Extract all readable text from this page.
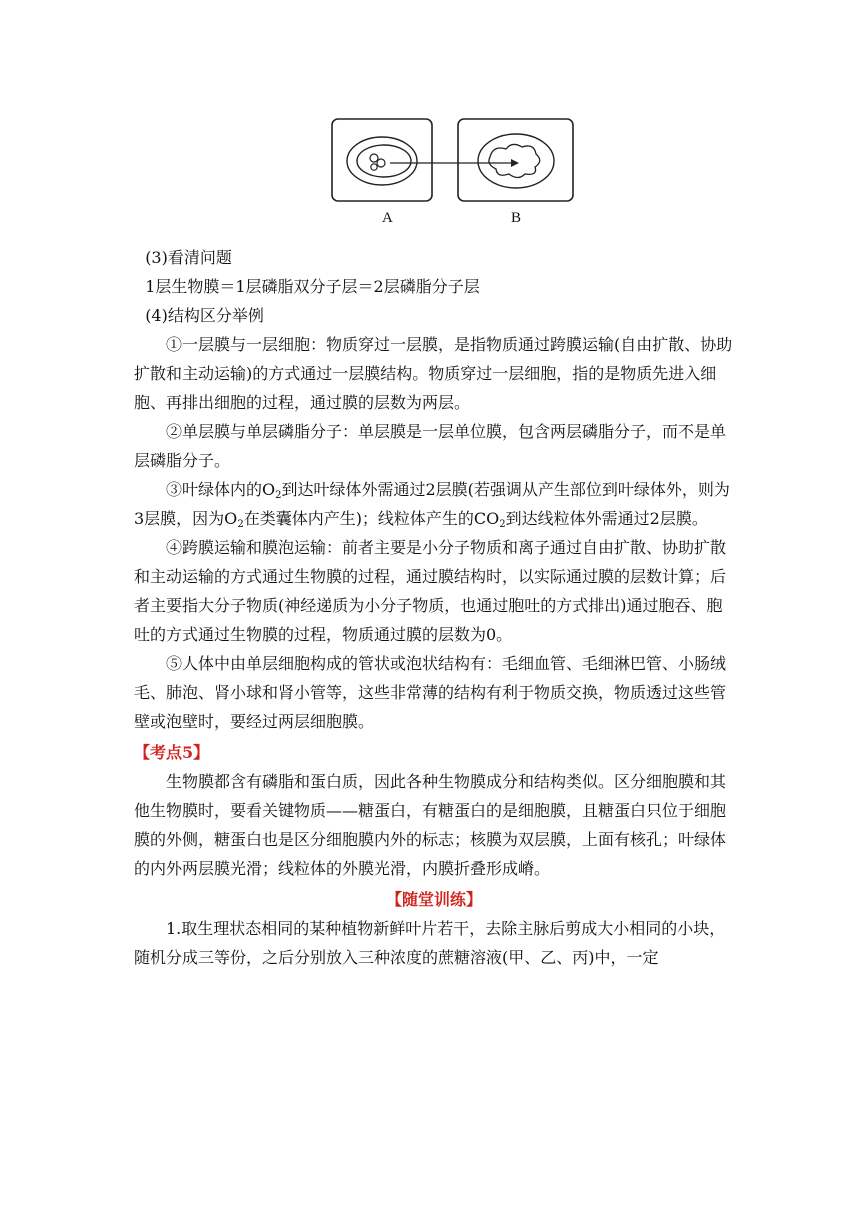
A	B

(3)看清问题

1层生物膜＝1层磷脂双分子层＝2层磷脂分子层

(4)结构区分举例

①一层膜与一层细胞：物质穿过一层膜，是指物质通过跨膜运输(自由扩散、协助扩散和主动运输)的方式通过一层膜结构。物质穿过一层细胞，指的是物质先进入细胞、再排出细胞的过程，通过膜的层数为两层。

②单层膜与单层磷脂分子：单层膜是一层单位膜，包含两层磷脂分子，而不是单层磷脂分子。

③叶绿体内的$O_2$到达叶绿体外需通过2层膜(若强调从产生部位到叶绿体外，则为3层膜，因为$O_2$在类囊体内产生)；线粒体产生的$CO_2$到达线粒体外需通过2层膜。

④跨膜运输和膜泡运输：前者主要是小分子物质和离子通过自由扩散、协助扩散和主动运输的方式通过生物膜的过程，通过膜结构时，以实际通过膜的层数计算；后者主要指大分子物质(神经递质为小分子物质，也通过胞吐的方式排出)通过胞吞、胞吐的方式通过生物膜的过程，物质通过膜的层数为0。

⑤人体中由单层细胞构成的管状或泡状结构有：毛细血管、毛细淋巴管、小肠绒毛、肺泡、肾小球和肾小管等，这些非常薄的结构有利于物质交换，物质透过这些管壁或泡壁时，要经过两层细胞膜。

【考点5】

生物膜都含有磷脂和蛋白质，因此各种生物膜成分和结构类似。区分细胞膜和其他生物膜时，要看关键物质——糖蛋白，有糖蛋白的是细胞膜，且糖蛋白只位于细胞膜的外侧，糖蛋白也是区分细胞膜内外的标志；核膜为双层膜，上面有核孔；叶绿体的内外两层膜光滑；线粒体的外膜光滑，内膜折叠形成嵴。

【随堂训练】

1.取生理状态相同的某种植物新鲜叶片若干，去除主脉后剪成大小相同的小块，随机分成三等份，之后分别放入三种浓度的蔗糖溶液(甲、乙、丙)中，一定
